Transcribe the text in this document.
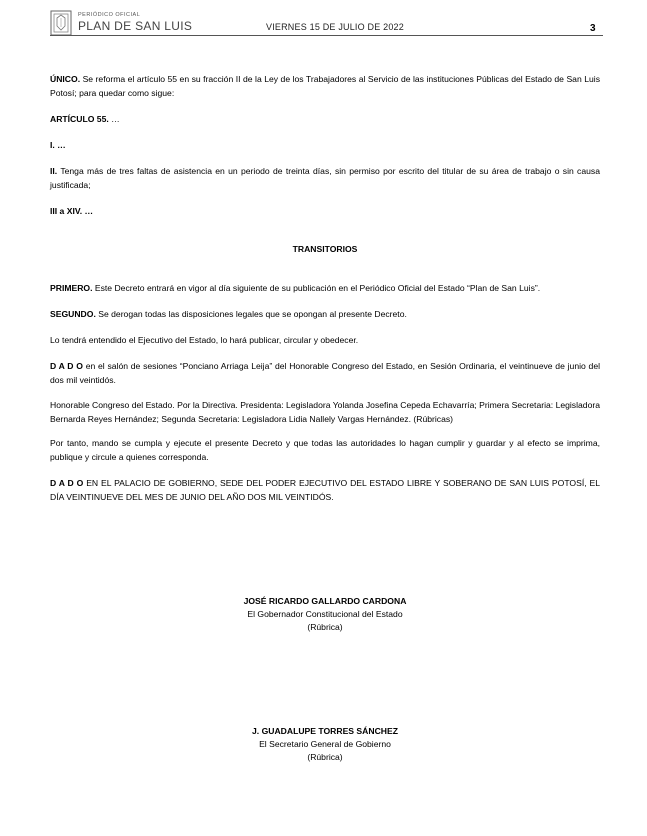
PERIÓDICO OFICIAL
PLAN DE SAN LUIS	VIERNES 15 DE JULIO DE 2022	3

ÚNICO. Se reforma el artículo 55 en su fracción II de la Ley de los Trabajadores al Servicio de las instituciones Públicas del Estado de San Luis Potosí; para quedar como sigue:

ARTÍCULO 55. …

I. …

II. Tenga más de tres faltas de asistencia en un periodo de treinta días, sin permiso por escrito del titular de su área de trabajo o sin causa justificada;

III a XIV. …

TRANSITORIOS

PRIMERO. Este Decreto entrará en vigor al día siguiente de su publicación en el Periódico Oficial del Estado “Plan de San Luis”.

SEGUNDO. Se derogan todas las disposiciones legales que se opongan al presente Decreto.

Lo tendrá entendido el Ejecutivo del Estado, lo hará publicar, circular y obedecer.

D A D O en el salón de sesiones “Ponciano Arriaga Leija” del Honorable Congreso del Estado, en Sesión Ordinaria, el veintinueve de junio del dos mil veintidós.

Honorable Congreso del Estado. Por la Directiva. Presidenta: Legisladora Yolanda Josefina Cepeda Echavarría; Primera Secretaria: Legisladora Bernarda Reyes Hernández; Segunda Secretaria: Legisladora Lidia Nallely Vargas Hernández. (Rúbricas)

Por tanto, mando se cumpla y ejecute el presente Decreto y que todas las autoridades lo hagan cumplir y guardar y al efecto se imprima, publique y circule a quienes corresponda.

D A D O EN EL PALACIO DE GOBIERNO, SEDE DEL PODER EJECUTIVO DEL ESTADO LIBRE Y SOBERANO DE SAN LUIS POTOSÍ, EL DÍA VEINTINUEVE DEL MES DE JUNIO DEL AÑO DOS MIL VEINTIDÓS.

JOSÉ RICARDO GALLARDO CARDONA
El Gobernador Constitucional del Estado
(Rúbrica)
J. GUADALUPE TORRES SÁNCHEZ
El Secretario General de Gobierno
(Rúbrica)
